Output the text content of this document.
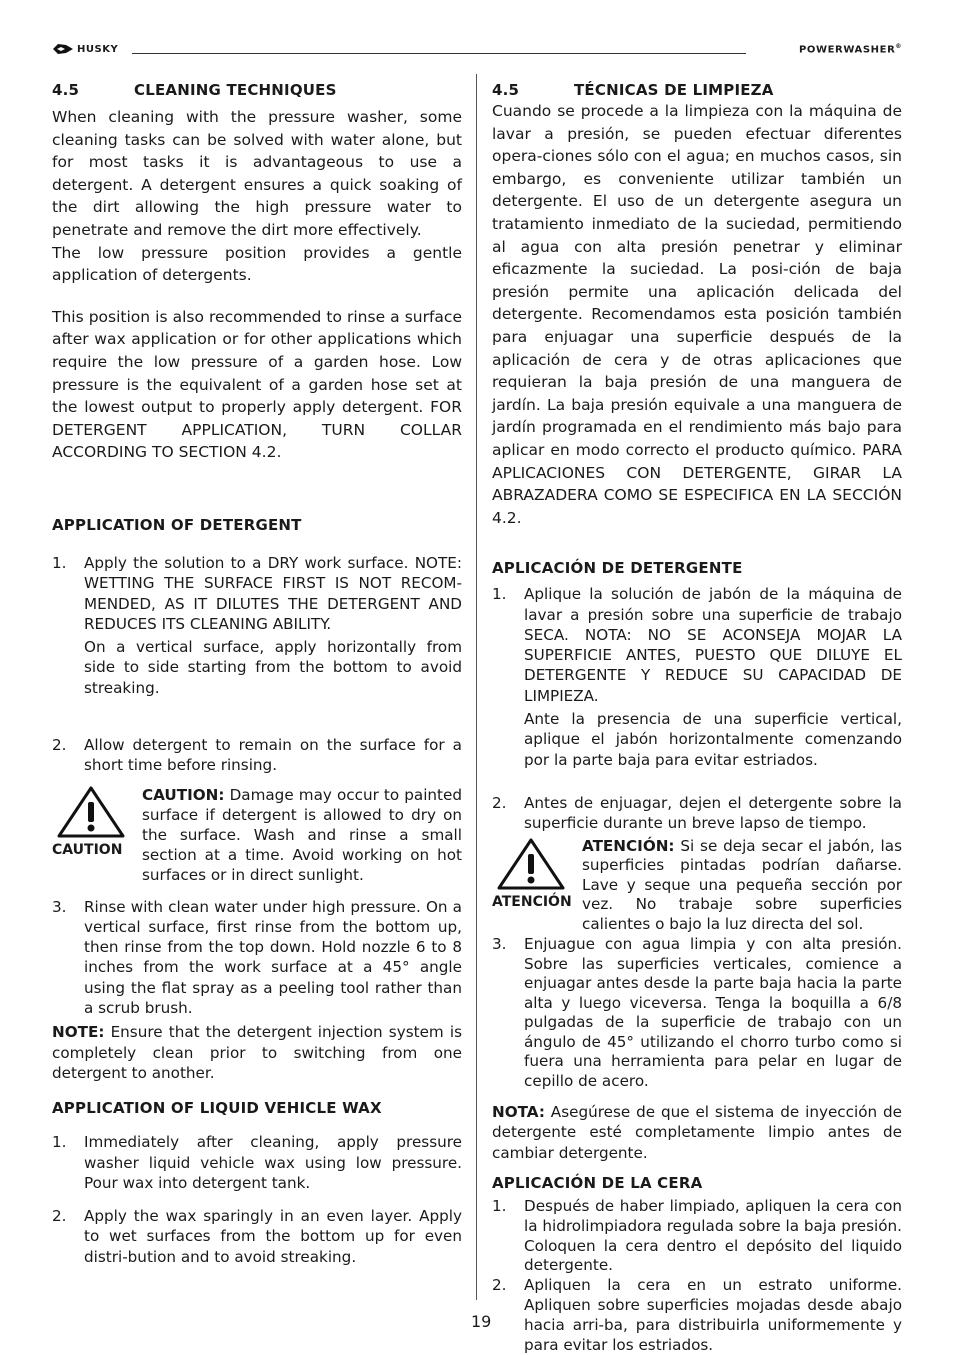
HUSKY	POWERWASHER®
4.5	CLEANING TECHNIQUES

When cleaning with the pressure washer, some cleaning tasks can be solved with water alone, but for most tasks it is advantageous to use a detergent. A detergent ensures a quick soaking of the dirt allowing the high pressure water to penetrate and remove the dirt more effectively.

The low pressure position provides a gentle application of detergents.

This position is also recommended to rinse a surface after wax application or for other applications which require the low pressure of a garden hose. Low pressure is the equivalent of a garden hose set at the lowest output to properly apply detergent. FOR DETERGENT APPLICATION, TURN COLLAR ACCORDING TO SECTION 4.2.

APPLICATION OF DETERGENT
1.	Apply the solution to a DRY work surface. NOTE: WETTING THE SURFACE FIRST IS NOT RECOM-MENDED, AS IT DILUTES THE DETERGENT AND REDUCES ITS CLEANING ABILITY.

On a vertical surface, apply horizontally from side to side starting from the bottom to avoid streaking.

2.	Allow detergent to remain on the surface for a short time before rinsing.

CAUTION
CAUTION: Damage may occur to painted surface if detergent is allowed to dry on the surface. Wash and rinse a small section at a time. Avoid working on hot surfaces or in direct sunlight.
3.	Rinse with clean water under high pressure. On a vertical surface, first rinse from the bottom up, then rinse from the top down. Hold nozzle 6 to 8 inches from the work surface at a 45° angle using the flat spray as a peeling tool rather than a scrub brush.

NOTE: Ensure that the detergent injection system is completely clean prior to switching from one detergent to another.

APPLICATION OF LIQUID VEHICLE WAX
1.	Immediately after cleaning, apply pressure washer liquid vehicle wax using low pressure. Pour wax into detergent tank.

2.	Apply the wax sparingly in an even layer. Apply to wet surfaces from the bottom up for even distri-bution and to avoid streaking.

4.5	TÉCNICAS DE LIMPIEZA

Cuando se procede a la limpieza con la máquina de lavar a presión, se pueden efectuar diferentes opera-ciones sólo con el agua; en muchos casos, sin embargo, es conveniente utilizar también un detergente. El uso de un detergente asegura un tratamiento inmediato de la suciedad, permitiendo al agua con alta presión penetrar y eliminar eficazmente la suciedad. La posi-ción de baja presión permite una aplicación delicada del detergente. Recomendamos esta posición también para enjuagar una superficie después de la aplicación de cera y de otras aplicaciones que requieran la baja presión de una manguera de jardín. La baja presión equivale a una manguera de jardín programada en el rendimiento más bajo para aplicar en modo correcto el producto químico. PARA APLICACIONES CON DETERGENTE, GIRAR LA ABRAZADERA COMO SE ESPECIFICA EN LA SECCIÓN 4.2.

APLICACIÓN DE DETERGENTE
1.	Aplique la solución de jabón de la máquina de lavar a presión sobre una superficie de trabajo SECA. NOTA: NO SE ACONSEJA MOJAR LA SUPERFICIE ANTES, PUESTO QUE DILUYE EL DETERGENTE Y REDUCE SU CAPACIDAD DE LIMPIEZA.

Ante la presencia de una superficie vertical, aplique el jabón horizontalmente comenzando por la parte baja para evitar estriados.

2.	Antes de enjuagar, dejen el detergente sobre la superficie durante un breve lapso de tiempo.

ATENCIÓN
ATENCIÓN: Si se deja secar el jabón, las superficies pintadas podrían dañarse. Lave y seque una pequeña sección por vez. No trabaje sobre superficies calientes o bajo la luz directa del sol.
3.	Enjuague con agua limpia y con alta presión. Sobre las superficies verticales, comience a enjuagar antes desde la parte baja hacia la parte alta y luego viceversa. Tenga la boquilla a 6/8 pulgadas de la superficie de trabajo con un ángulo de 45° utilizando el chorro turbo como si fuera una herramienta para pelar en lugar de cepillo de acero.

NOTA: Asegúrese de que el sistema de inyección de detergente esté completamente limpio antes de cambiar detergente.

APLICACIÓN DE LA CERA
1.	Después de haber limpiado, apliquen la cera con la hidrolimpiadora regulada sobre la baja presión. Coloquen la cera dentro el depósito del liquido detergente.

2.	Apliquen la cera en un estrato uniforme. Apliquen sobre superficies mojadas desde abajo hacia arri-ba, para distribuirla uniformemente y para evitar los estriados.

19
